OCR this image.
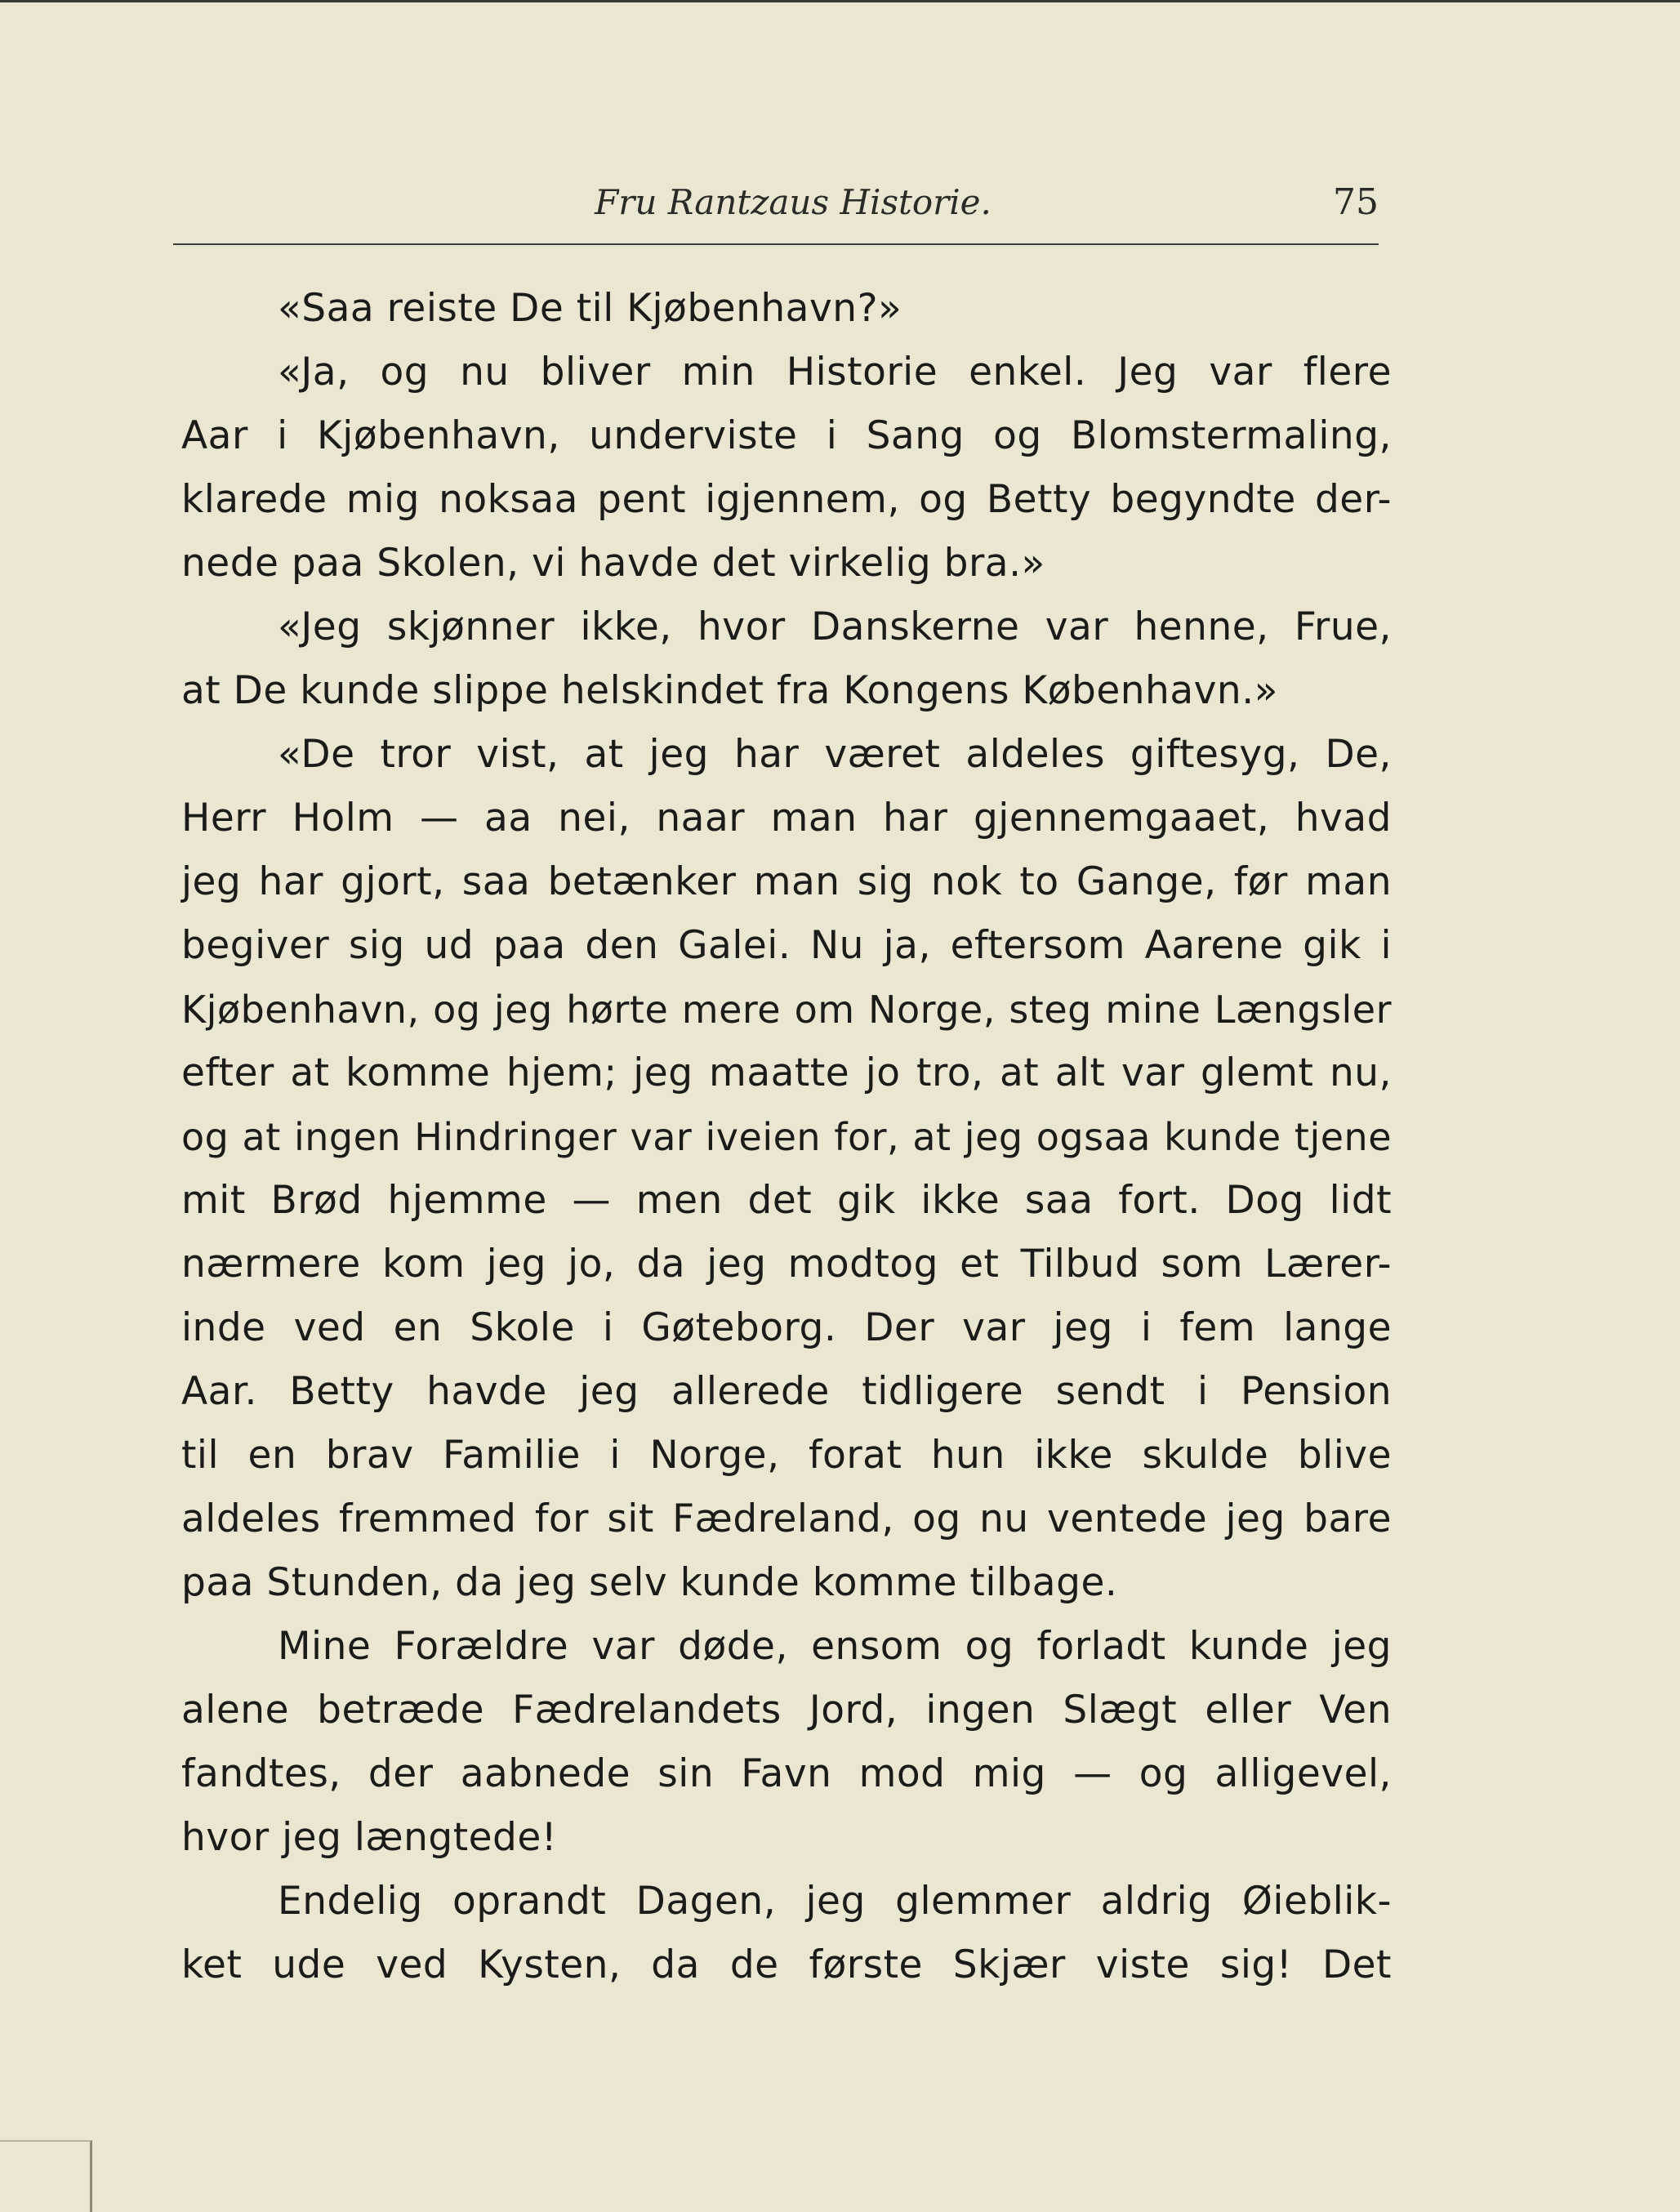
Fru Rantzaus Historie.	75
«Saa reiste De til Kjøbenhavn?»
«Ja, og nu bliver min Historie enkel. Jeg var flere
Aar i Kjøbenhavn, underviste i Sang og Blomstermaling,
klarede mig noksaa pent igjennem, og Betty begyndte der-
nede paa Skolen, vi havde det virkelig bra.»
«Jeg skjønner ikke, hvor Danskerne var henne, Frue,
at De kunde slippe helskindet fra Kongens København.»
«De tror vist, at jeg har været aldeles giftesyg, De,
Herr Holm — aa nei, naar man har gjennemgaaet, hvad
jeg har gjort, saa betænker man sig nok to Gange, før man
begiver sig ud paa den Galei. Nu ja, eftersom Aarene gik i
Kjøbenhavn, og jeg hørte mere om Norge, steg mine Længsler
efter at komme hjem; jeg maatte jo tro, at alt var glemt nu,
og at ingen Hindringer var iveien for, at jeg ogsaa kunde tjene
mit Brød hjemme — men det gik ikke saa fort. Dog lidt
nærmere kom jeg jo, da jeg modtog et Tilbud som Lærer-
inde ved en Skole i Gøteborg. Der var jeg i fem lange
Aar. Betty havde jeg allerede tidligere sendt i Pension
til en brav Familie i Norge, forat hun ikke skulde blive
aldeles fremmed for sit Fædreland, og nu ventede jeg bare
paa Stunden, da jeg selv kunde komme tilbage.
Mine Forældre var døde, ensom og forladt kunde jeg
alene betræde Fædrelandets Jord, ingen Slægt eller Ven
fandtes, der aabnede sin Favn mod mig — og alligevel,
hvor jeg længtede!
Endelig oprandt Dagen, jeg glemmer aldrig Øieblik-
ket ude ved Kysten, da de første Skjær viste sig! Det
